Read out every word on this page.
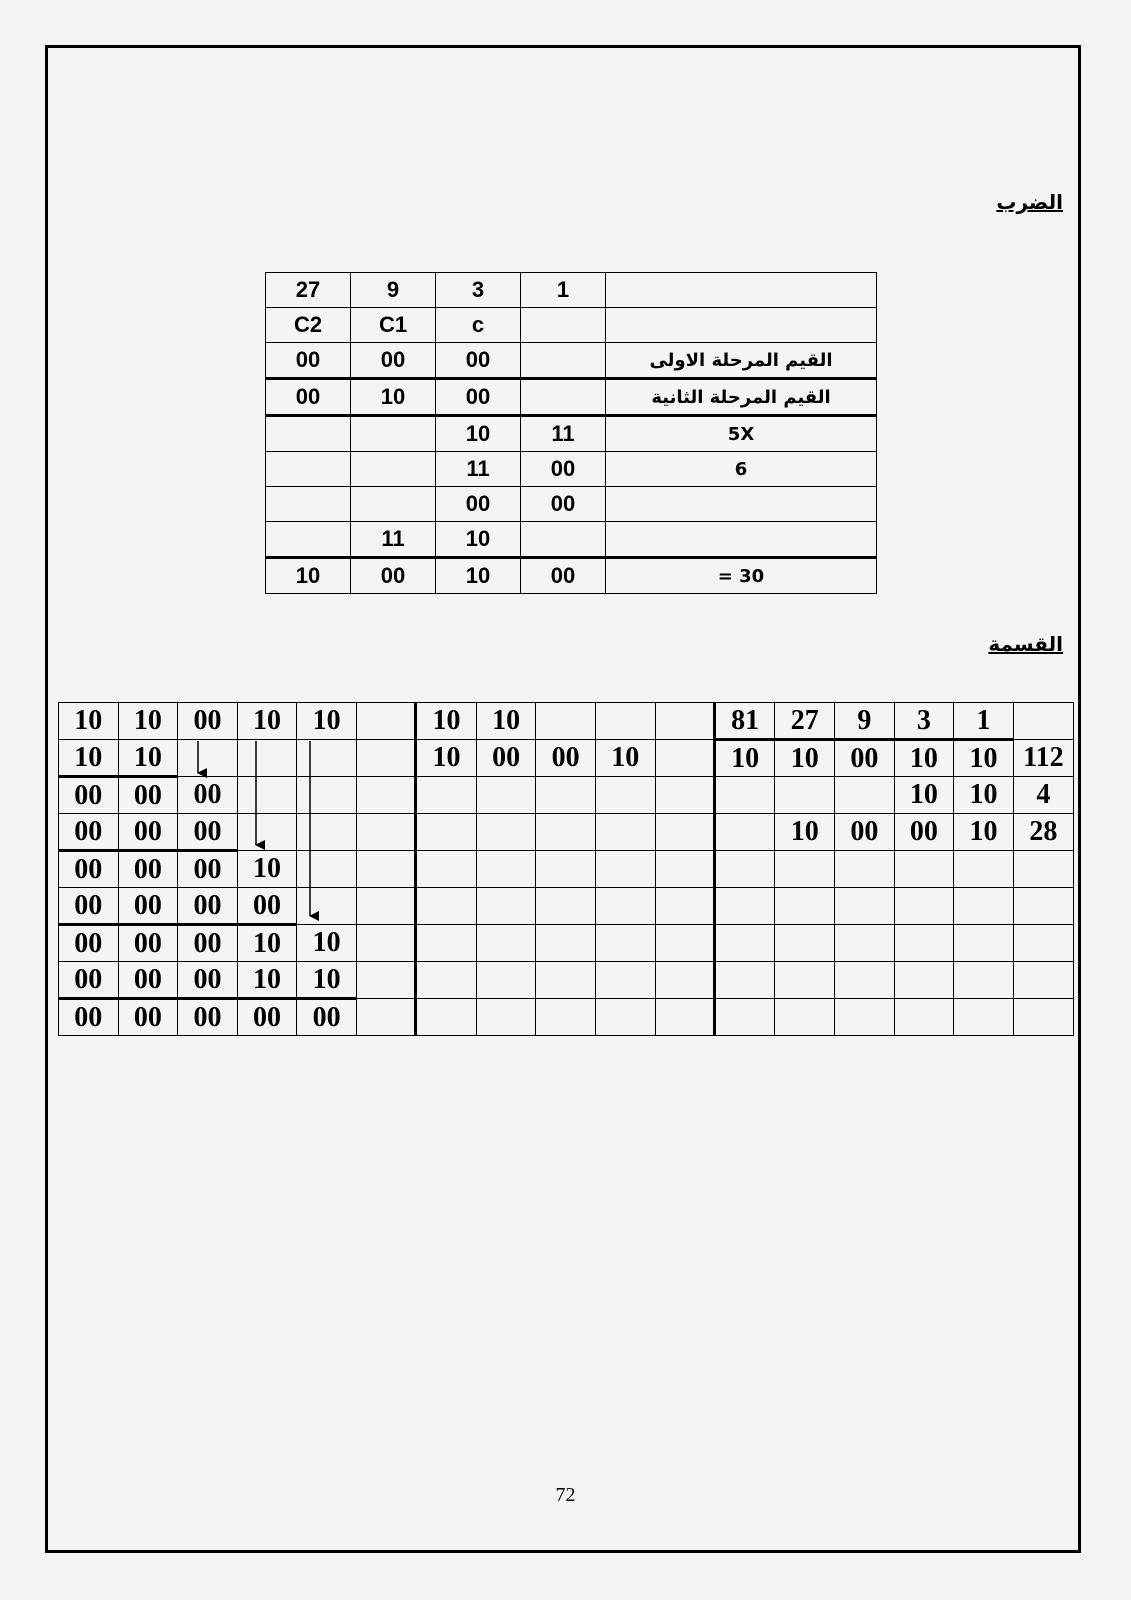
الضرب
27	9	3	1	
C2	C1	c		
00	00	00		القيم المرحلة الاولى
00	10	00		القيم المرحلة الثانية
		10	11	5X
		11	00	6
		00	00	
	11	10		
10	00	10	00	30 =
القسمة
10	10	00	10	10		10	10				81	27	9	3	1	
10	10					10	00	00	10		10	10	00	10	10	112
00	00	00												10	10	4
00	00	00										10	00	00	10	28
00	00	00	10													
00	00	00	00													
00	00	00	10	10												
00	00	00	10	10												
00	00	00	00	00												
72
